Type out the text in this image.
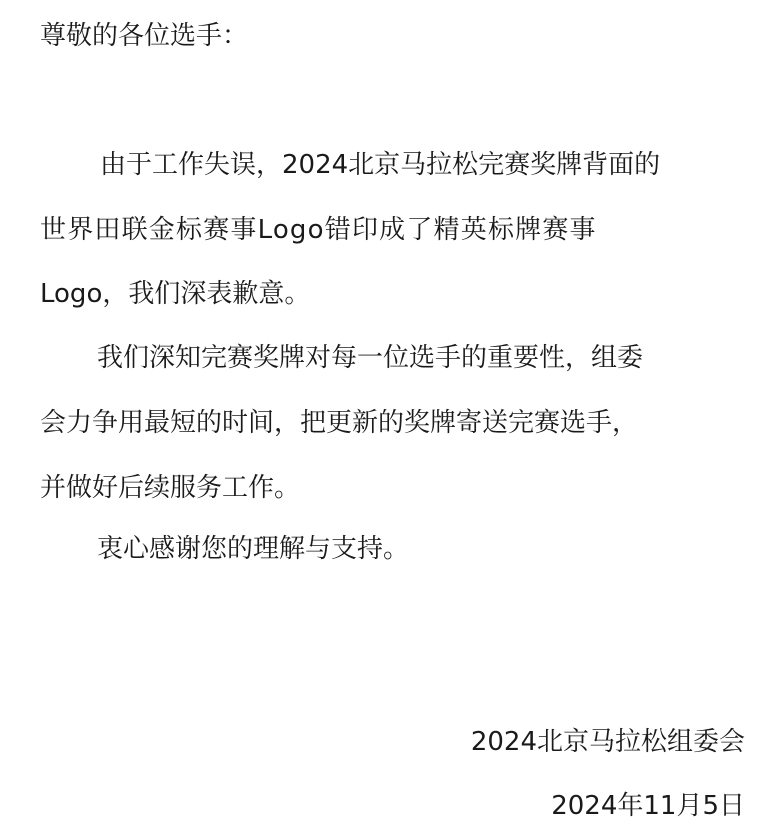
尊敬的各位选手：
由于工作失误，2024北京马拉松完赛奖牌背面的
世界田联金标赛事Logo错印成了精英标牌赛事
Logo，我们深表歉意。
我们深知完赛奖牌对每一位选手的重要性，组委
会力争用最短的时间，把更新的奖牌寄送完赛选手，
并做好后续服务工作。
衷心感谢您的理解与支持。
2024北京马拉松组委会
2024年11月5日
